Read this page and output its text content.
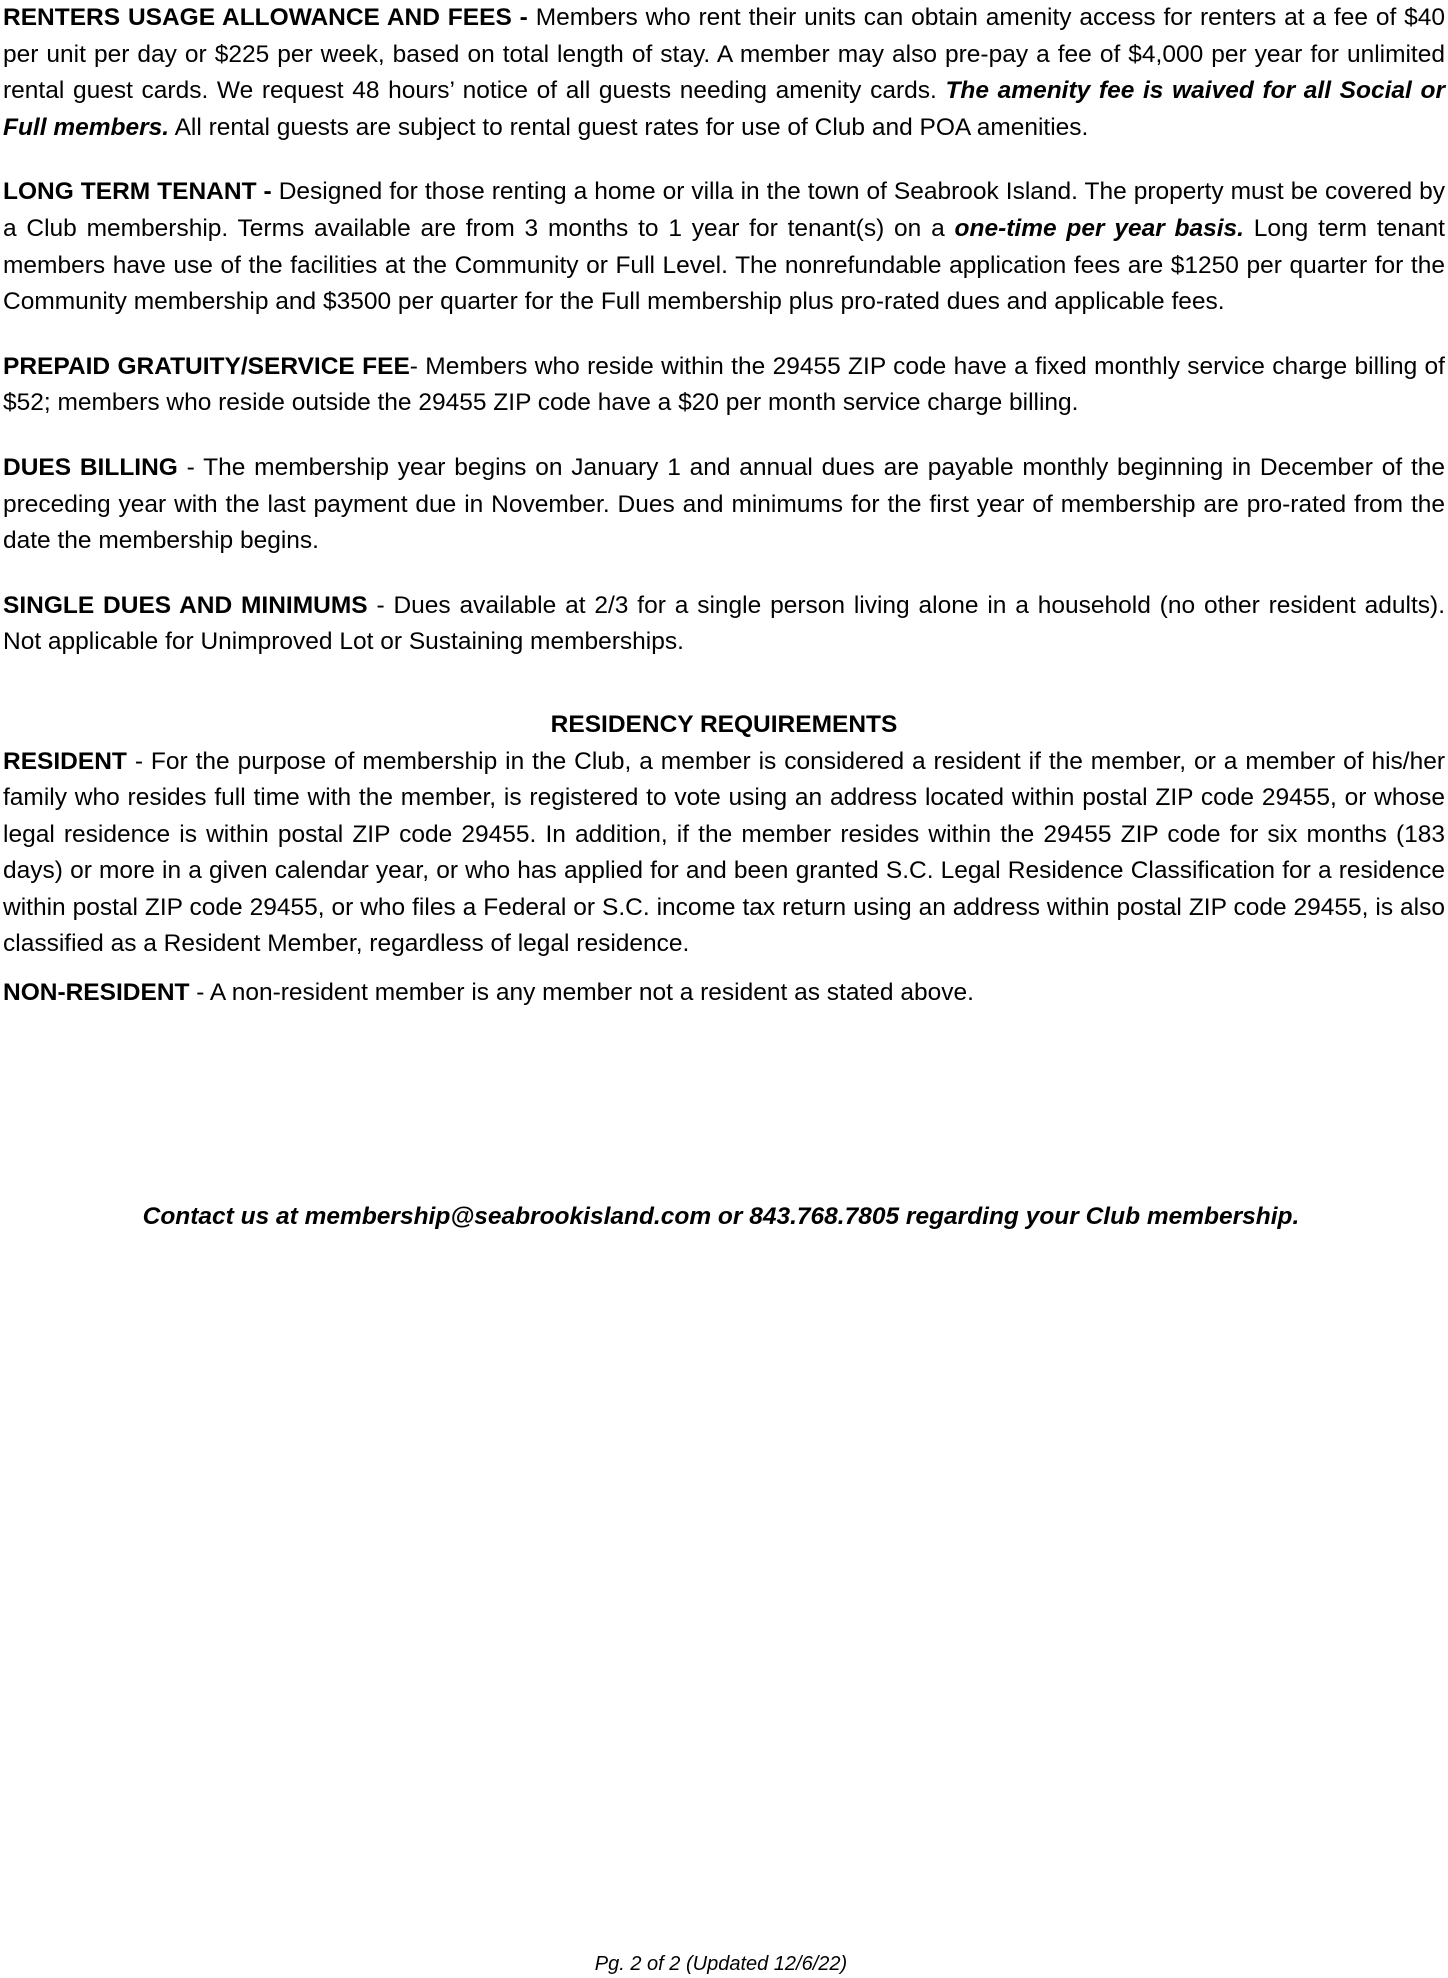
RENTERS USAGE ALLOWANCE AND FEES - Members who rent their units can obtain amenity access for renters at a fee of $40 per unit per day or $225 per week, based on total length of stay. A member may also pre-pay a fee of $4,000 per year for unlimited rental guest cards. We request 48 hours’ notice of all guests needing amenity cards. The amenity fee is waived for all Social or Full members. All rental guests are subject to rental guest rates for use of Club and POA amenities.

LONG TERM TENANT - Designed for those renting a home or villa in the town of Seabrook Island. The property must be covered by a Club membership. Terms available are from 3 months to 1 year for tenant(s) on a one-time per year basis. Long term tenant members have use of the facilities at the Community or Full Level. The nonrefundable application fees are $1250 per quarter for the Community membership and $3500 per quarter for the Full membership plus pro-rated dues and applicable fees.

PREPAID GRATUITY/SERVICE FEE- Members who reside within the 29455 ZIP code have a fixed monthly service charge billing of $52; members who reside outside the 29455 ZIP code have a $20 per month service charge billing.

DUES BILLING - The membership year begins on January 1 and annual dues are payable monthly beginning in December of the preceding year with the last payment due in November. Dues and minimums for the first year of membership are pro-rated from the date the membership begins.

SINGLE DUES AND MINIMUMS - Dues available at 2/3 for a single person living alone in a household (no other resident adults). Not applicable for Unimproved Lot or Sustaining memberships.

RESIDENCY REQUIREMENTS

RESIDENT - For the purpose of membership in the Club, a member is considered a resident if the member, or a member of his/her family who resides full time with the member, is registered to vote using an address located within postal ZIP code 29455, or whose legal residence is within postal ZIP code 29455. In addition, if the member resides within the 29455 ZIP code for six months (183 days) or more in a given calendar year, or who has applied for and been granted S.C. Legal Residence Classification for a residence within postal ZIP code 29455, or who files a Federal or S.C. income tax return using an address within postal ZIP code 29455, is also classified as a Resident Member, regardless of legal residence.

NON-RESIDENT - A non-resident member is any member not a resident as stated above.

Contact us at membership@seabrookisland.com or 843.768.7805 regarding your Club membership.
Pg. 2 of 2 (Updated 12/6/22)
